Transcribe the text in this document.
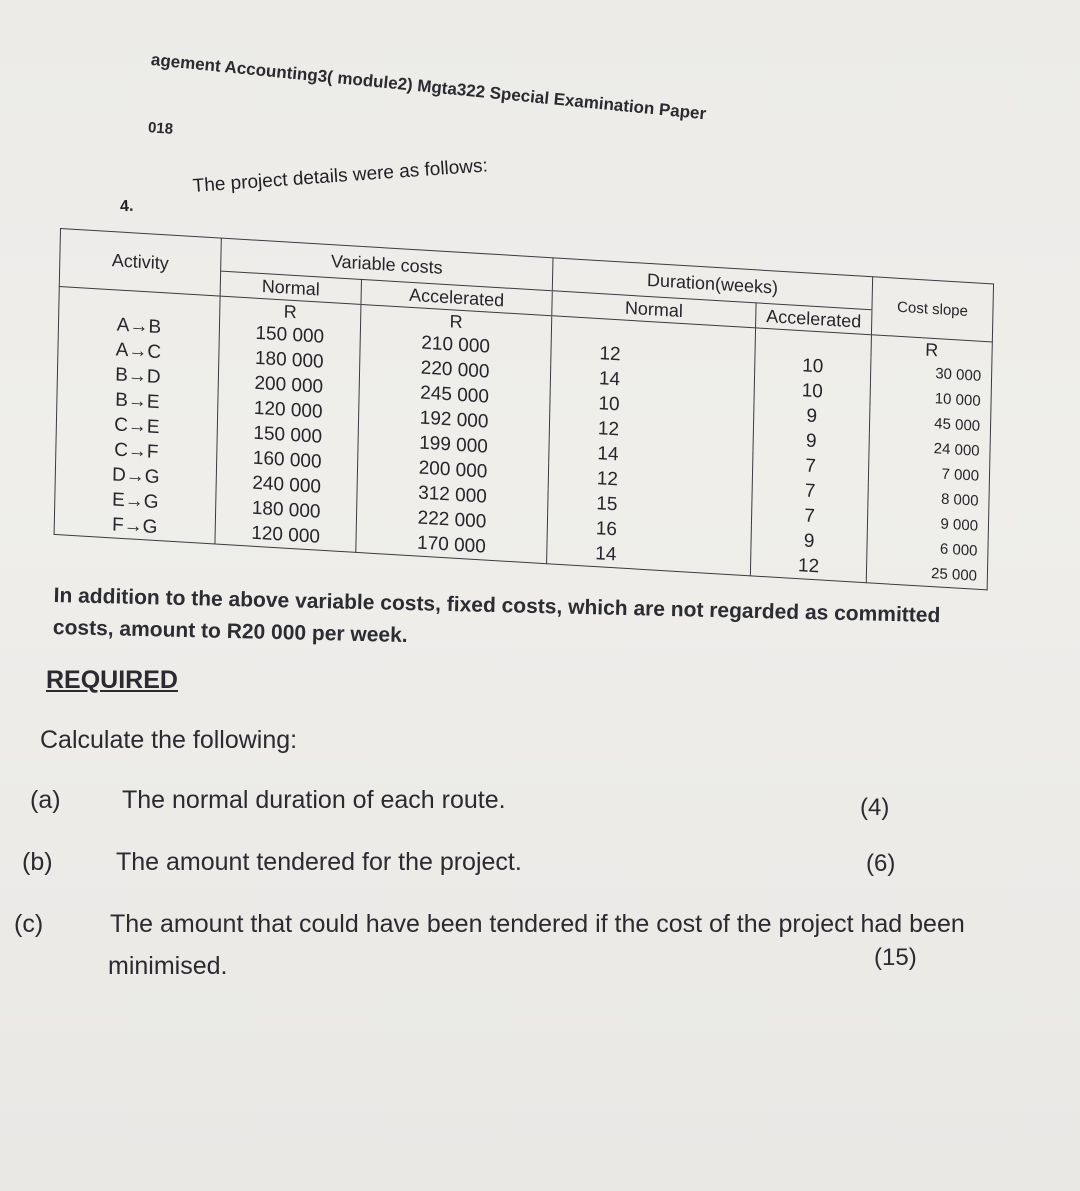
agement Accounting3( module2) Mgta322 Special Examination Paper
018
4.
The project details were as follows:
Activity	Variable costs		Duration(weeks)		Cost slope
	Normal	Accelerated	Normal	Accelerated	
	R	R			R
A→B	150 000	210 000	12	10	30 000
A→C	180 000	220 000	14	10	10 000
B→D	200 000	245 000	10	9	45 000
B→E	120 000	192 000	12	9	24 000
C→E	150 000	199 000	14	7	7 000
C→F	160 000	200 000	12	7	8 000
D→G	240 000	312 000	15	7	9 000
E→G	180 000	222 000	16	9	6 000
F→G	120 000	170 000	14	12	25 000
In addition to the above variable costs, fixed costs, which are not regarded as committed costs, amount to R20 000 per week.
REQUIRED
Calculate the following:
(a) The normal duration of each route.	(4)
(b)	The amount tendered for the project.	(6)
(c)	The amount that could have been tendered if the cost of the project had been
minimised.	(15)
